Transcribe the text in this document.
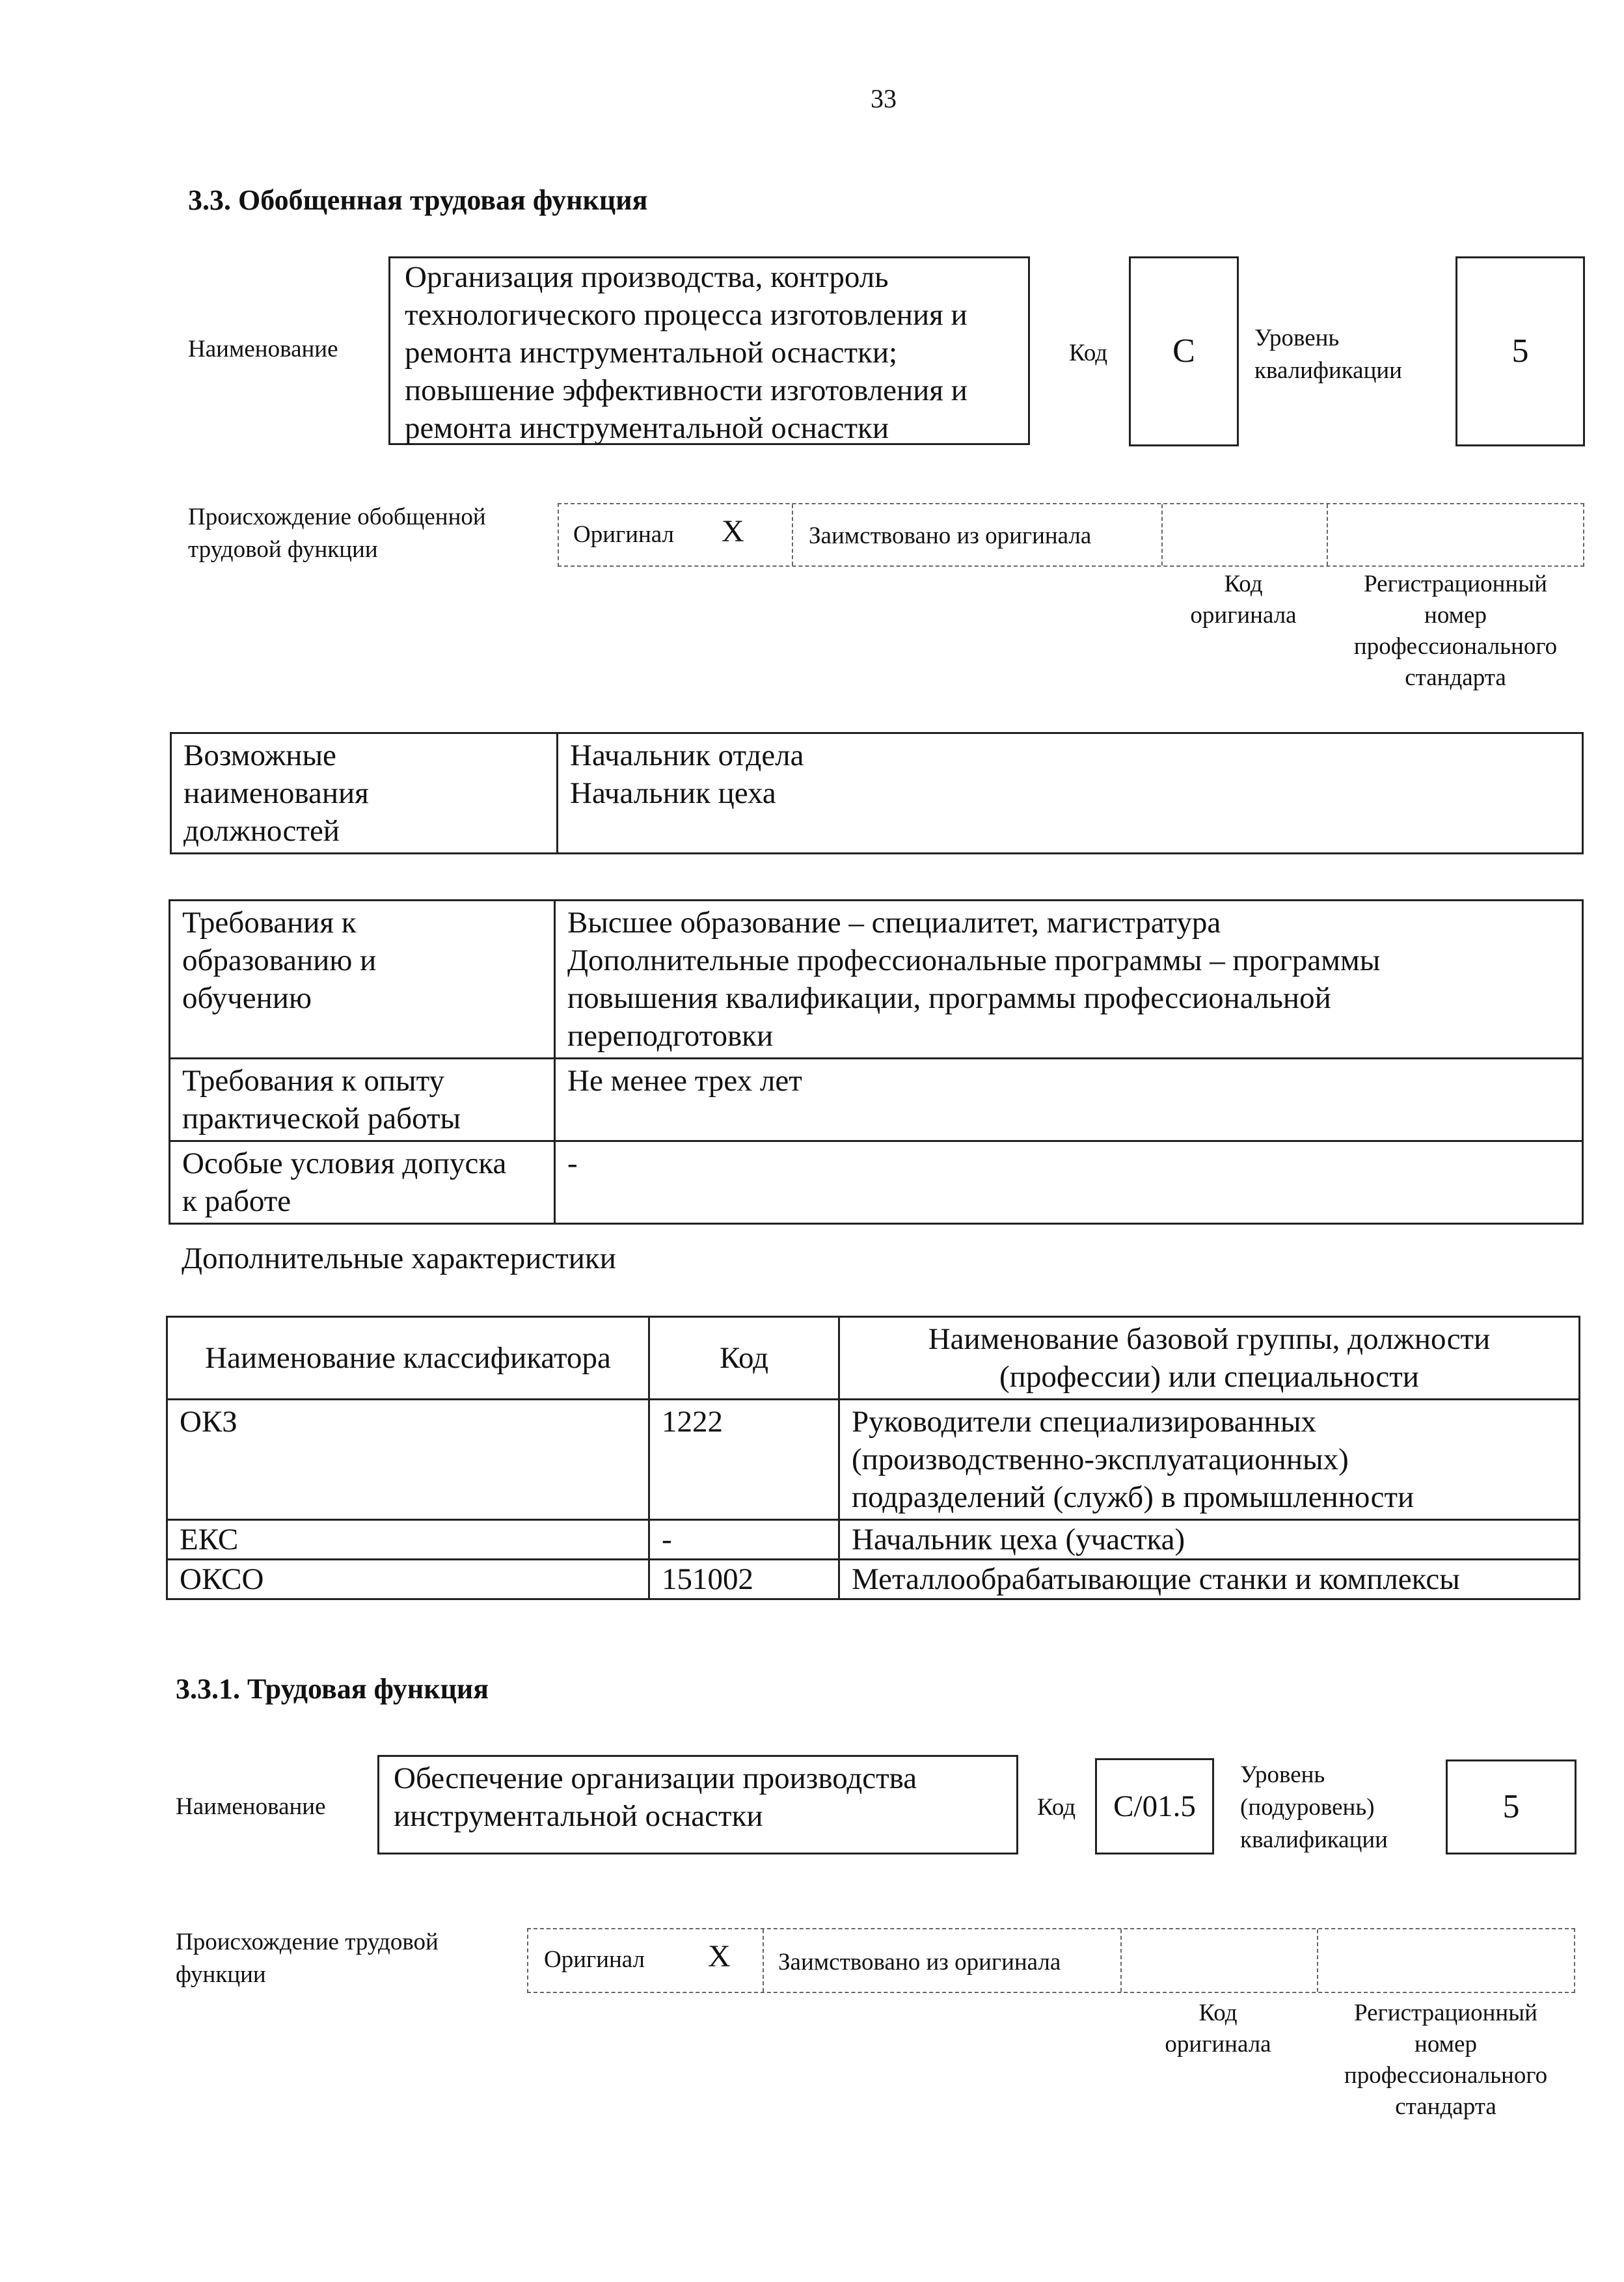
33
3.3. Обобщенная трудовая функция
Наименование
Организация производства, контроль
технологического процесса изготовления и
ремонта инструментальной оснастки;
повышение эффективности изготовления и
ремонта инструментальной оснастки
Код	C	Уровень
квалификации
5
Происхождение обобщенной
трудовой функции
Оригинал X	Заимствовано из оригинала
Код
оригинала
Регистрационный
номер
профессионального
стандарта
Возможные
наименования
должностей	Начальник отдела
Начальник цеха
Требования к
образованию и
обучению	Высшее образование – специалитет, магистратура
Дополнительные профессиональные программы – программы
повышения квалификации, программы профессиональной
переподготовки
Требования к опыту
практической работы	Не менее трех лет
Особые условия допуска
к работе	-
Дополнительные характеристики
Наименование классификатора	Код	Наименование базовой группы, должности
(профессии) или специальности
ОКЗ	1222	Руководители специализированных
(производственно-эксплуатационных)
подразделений (служб) в промышленности
ЕКС	-	Начальник цеха (участка)
ОКСО	151002	Металлообрабатывающие станки и комплексы
3.3.1. Трудовая функция
Наименование
Обеспечение организации производства
инструментальной оснастки	Код	C/01.5
Уровень
(подуровень)
квалификации
5
Происхождение трудовой
функции
Оригинал X Заимствовано из оригинала
Код
оригинала
Регистрационный
номер
профессионального
стандарта
